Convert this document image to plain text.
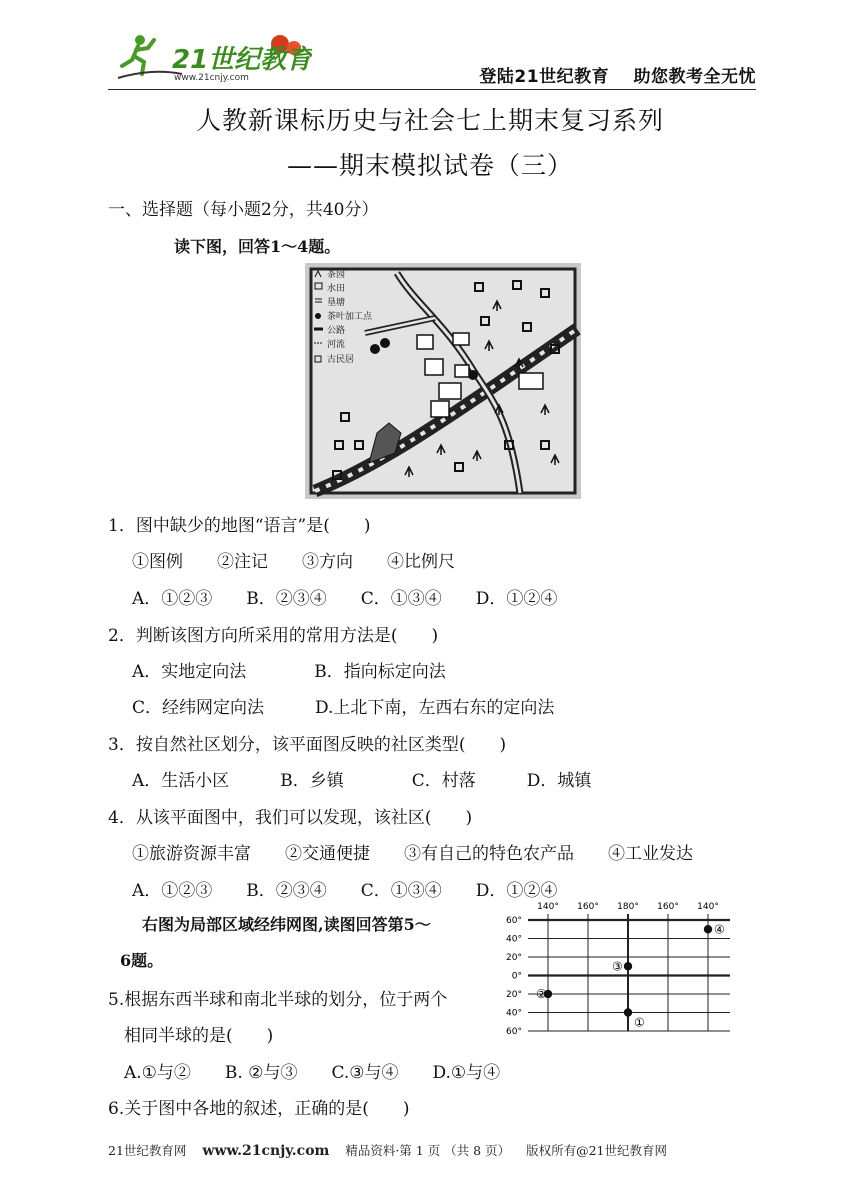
21世纪教育
www.21cnjy.com	登陆21世纪教育 助您教考全无忧
人教新课标历史与社会七上期末复习系列
——期末模拟试卷（三）
一、选择题（每小题2分，共40分）
读下图，回答1～4题。
茶园
水田
垦塘
茶叶加工点
公路
河流
古民居
1．图中缺少的地图“语言”是(　　)
①图例　　②注记　　③方向　　④比例尺
A．①②③　　B．②③④　　C．①③④　　D．①②④
2．判断该图方向所采用的常用方法是(　　)
A．实地定向法　　　　B．指向标定向法
C．经纬网定向法　　　D.上北下南，左西右东的定向法
3．按自然社区划分，该平面图反映的社区类型(　　)
A．生活小区　　　B．乡镇　　　　C．村落　　　D．城镇
4．从该平面图中，我们可以发现，该社区(　　)
①旅游资源丰富　　②交通便捷　　③有自己的特色农产品　　④工业发达
A．①②③　　B．②③④　　C．①③④　　D．①②④
右图为局部区域经纬网图,读图回答第5～
6题。
5.根据东西半球和南北半球的划分，位于两个
相同半球的是(　　)
A.①与②　　B. ②与③　　C.③与④　　D.①与④
6.关于图中各地的叙述，正确的是(　　)
60°
40°
20°
0°
20°
40°
60°
140° 160° 180° 160° 140°
①
②
③
④
21世纪教育网 www.21cnjy.com 精品资料·第 1 页 （共 8 页） 版权所有@21世纪教育网
